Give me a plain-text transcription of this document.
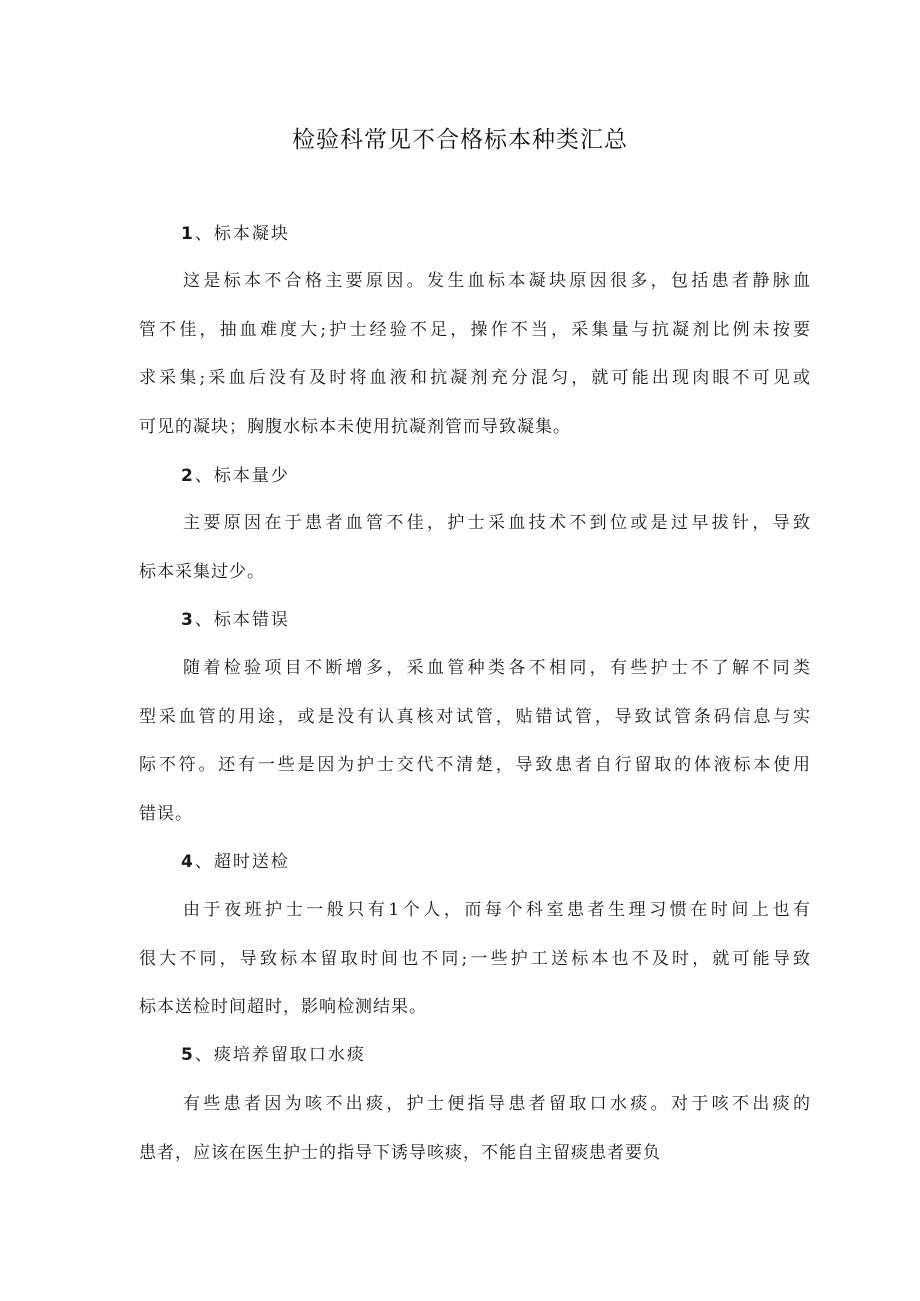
检验科常见不合格标本种类汇总
1 、标本凝块
这是标本不合格主要原因。发生血标本凝块原因很多，包括患者静脉血
管不佳，抽血难度大;护士经验不足，操作不当，采集量与抗凝剂比例未按要
求采集;采血后没有及时将血液和抗凝剂充分混匀，就可能出现肉眼不可见或
可见的凝块；胸腹水标本未使用抗凝剂管而导致凝集。
2 、标本量少
主要原因在于患者血管不佳，护士采血技术不到位或是过早拔针，导致
标本采集过少。
3 、标本错误
随着检验项目不断增多，采血管种类各不相同，有些护士不了解不同类
型采血管的用途，或是没有认真核对试管，贴错试管，导致试管条码信息与实
际不符。还有一些是因为护士交代不清楚，导致患者自行留取的体液标本使用
错误。
4 、超时送检
由于夜班护士一般只有1个人，而每个科室患者生理习惯在时间上也有
很大不同，导致标本留取时间也不同;一些护工送标本也不及时，就可能导致
标本送检时间超时，影响检测结果。
5 、痰培养留取口水痰
有些患者因为咳不出痰，护士便指导患者留取口水痰。对于咳不出痰的
患者，应该在医生护士的指导下诱导咳痰，不能自主留痰患者要负
